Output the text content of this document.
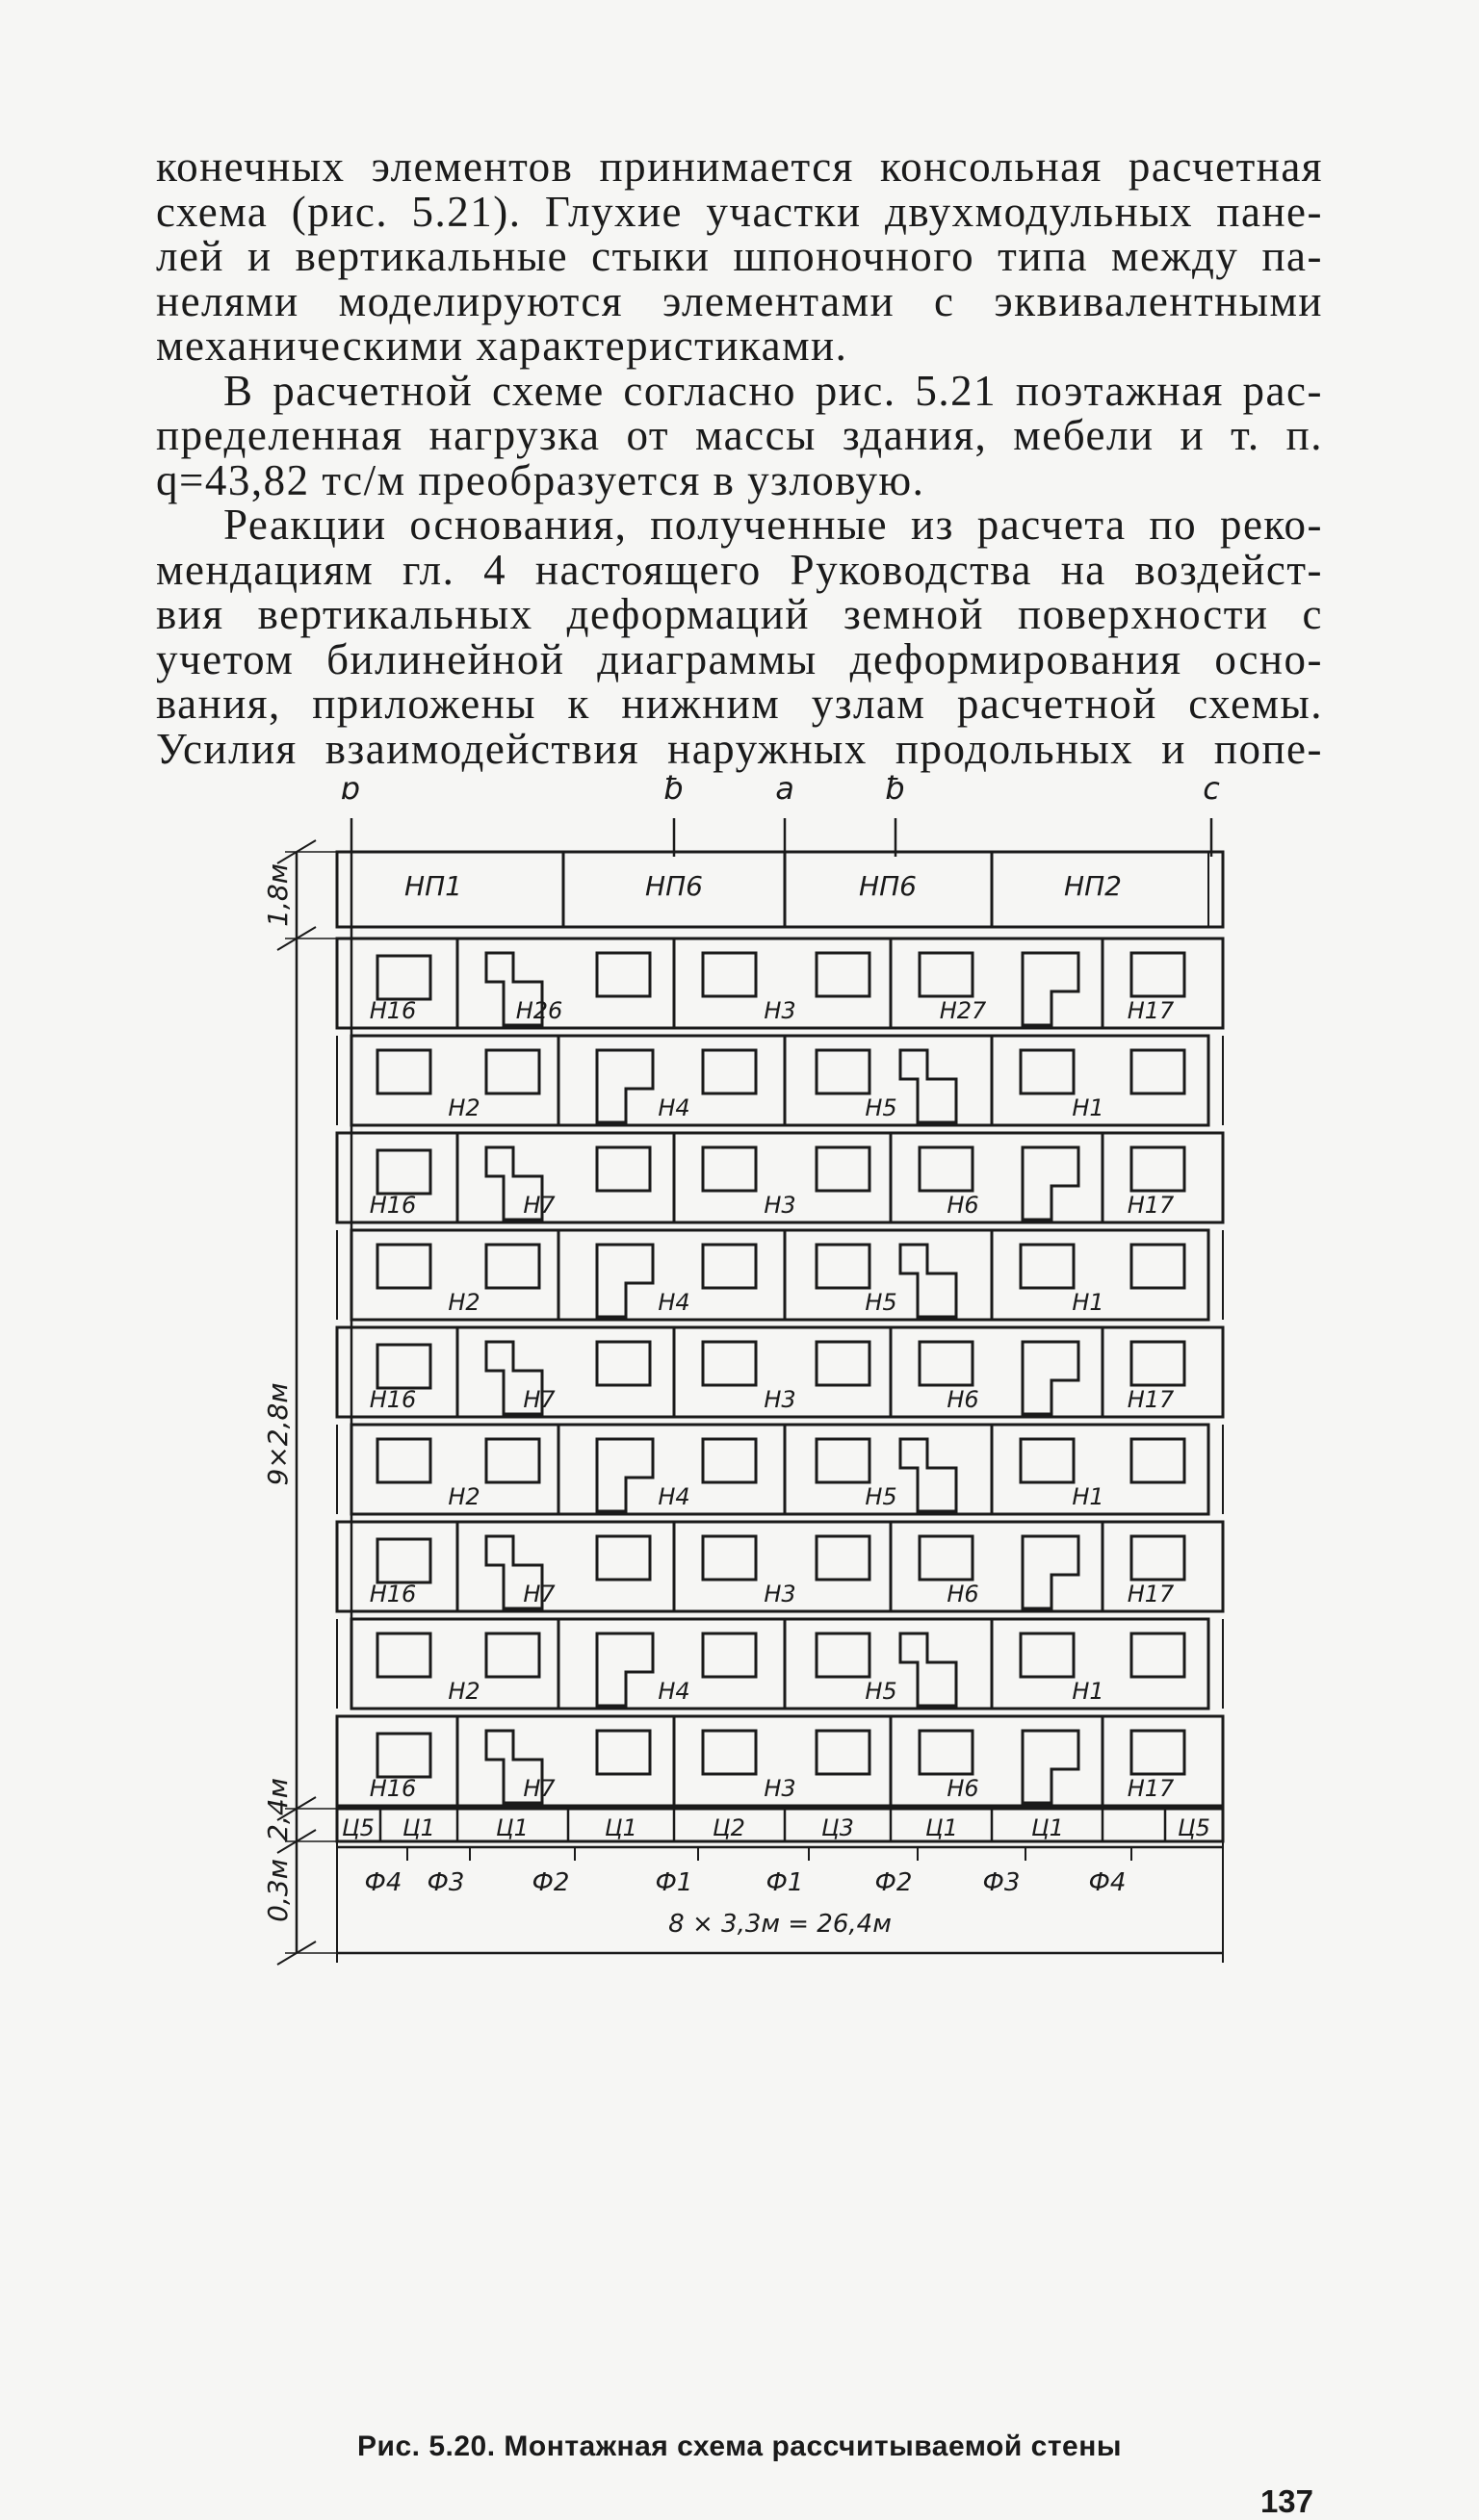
конечных элементов принимается консольная расчетная
схема (рис. 5.21). Глухие участки двухмодульных пане-
лей и вертикальные стыки шпоночного типа между па-
нелями моделируются элементами с эквивалентными
механическими характеристиками.

В расчетной схеме согласно рис. 5.21 поэтажная рас-
пределенная нагрузка от массы здания, мебели и т. п.
q=43,82 тс/м преобразуется в узловую.

Реакции основания, полученные из расчета по реко-
мендациям гл. 4 настоящего Руководства на воздейст-
вия вертикальных деформаций земной поверхности с
учетом билинейной диаграммы деформирования осно-
вания, приложены к нижним узлам расчетной схемы.
Усилия взаимодействия наружных продольных и попе-

ɒ	ƀ	a	ƀ	c
НП1	НП6	НП6	НП2
Н16	Н26	Н3	Н27	Н17
Н2	Н4	Н5	Н1
Н16	Н7	Н3	Н6	Н17
Н2	Н4	Н5	Н1
Н16	Н7	Н3	Н6	Н17
Н2	Н4	Н5	Н1
Н16	Н7	Н3	Н6	Н17
Н2	Н4	Н5	Н1
Н16	Н7	Н3	Н6	Н17
Ц5 Ц1	Ц1	Ц1	Ц2	Ц3	Ц1	Ц1	Ц5
Ф4 Ф3	Ф2	Ф1	Ф1	Ф2	Ф3	Ф4
8 × 3,3м = 26,4м
1,8м
9×2,8м
2,4м
0,3м
Рис. 5.20. Монтажная схема рассчитываемой стены
137
